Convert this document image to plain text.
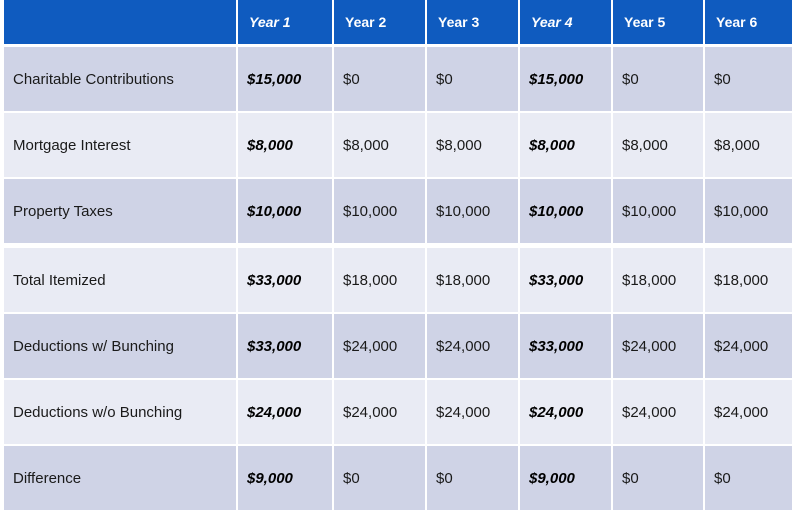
	Year 1	Year 2	Year 3	Year 4	Year 5	Year 6
Charitable Contributions	$15,000	$0	$0	$15,000	$0	$0
Mortgage Interest	$8,000	$8,000	$8,000	$8,000	$8,000	$8,000
Property Taxes	$10,000	$10,000	$10,000	$10,000	$10,000	$10,000
Total Itemized	$33,000	$18,000	$18,000	$33,000	$18,000	$18,000
Deductions w/ Bunching	$33,000	$24,000	$24,000	$33,000	$24,000	$24,000
Deductions w/o Bunching	$24,000	$24,000	$24,000	$24,000	$24,000	$24,000
Difference	$9,000	$0	$0	$9,000	$0	$0
